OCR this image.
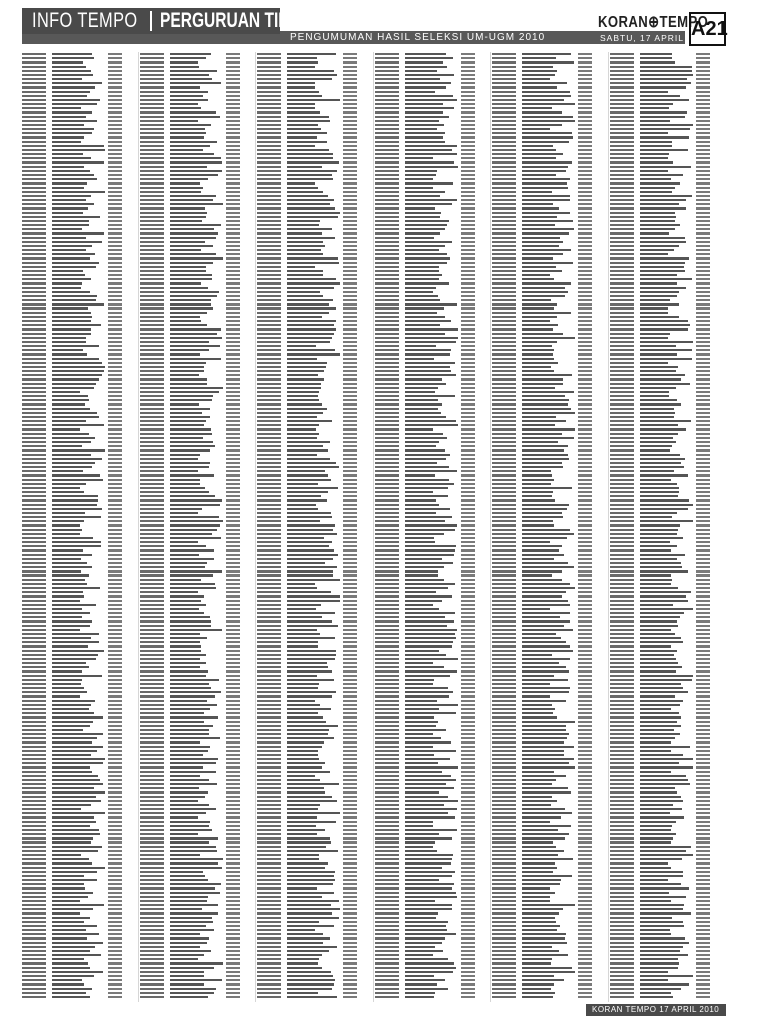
INFO TEMPO PERGURUAN TINGGI
PENGUMUMAN HASIL SELEKSI UM-UGM 2010
KORAN⊕TEMPO
SABTU, 17 APRIL 2010
A21
KORAN TEMPO 17 APRIL 2010
